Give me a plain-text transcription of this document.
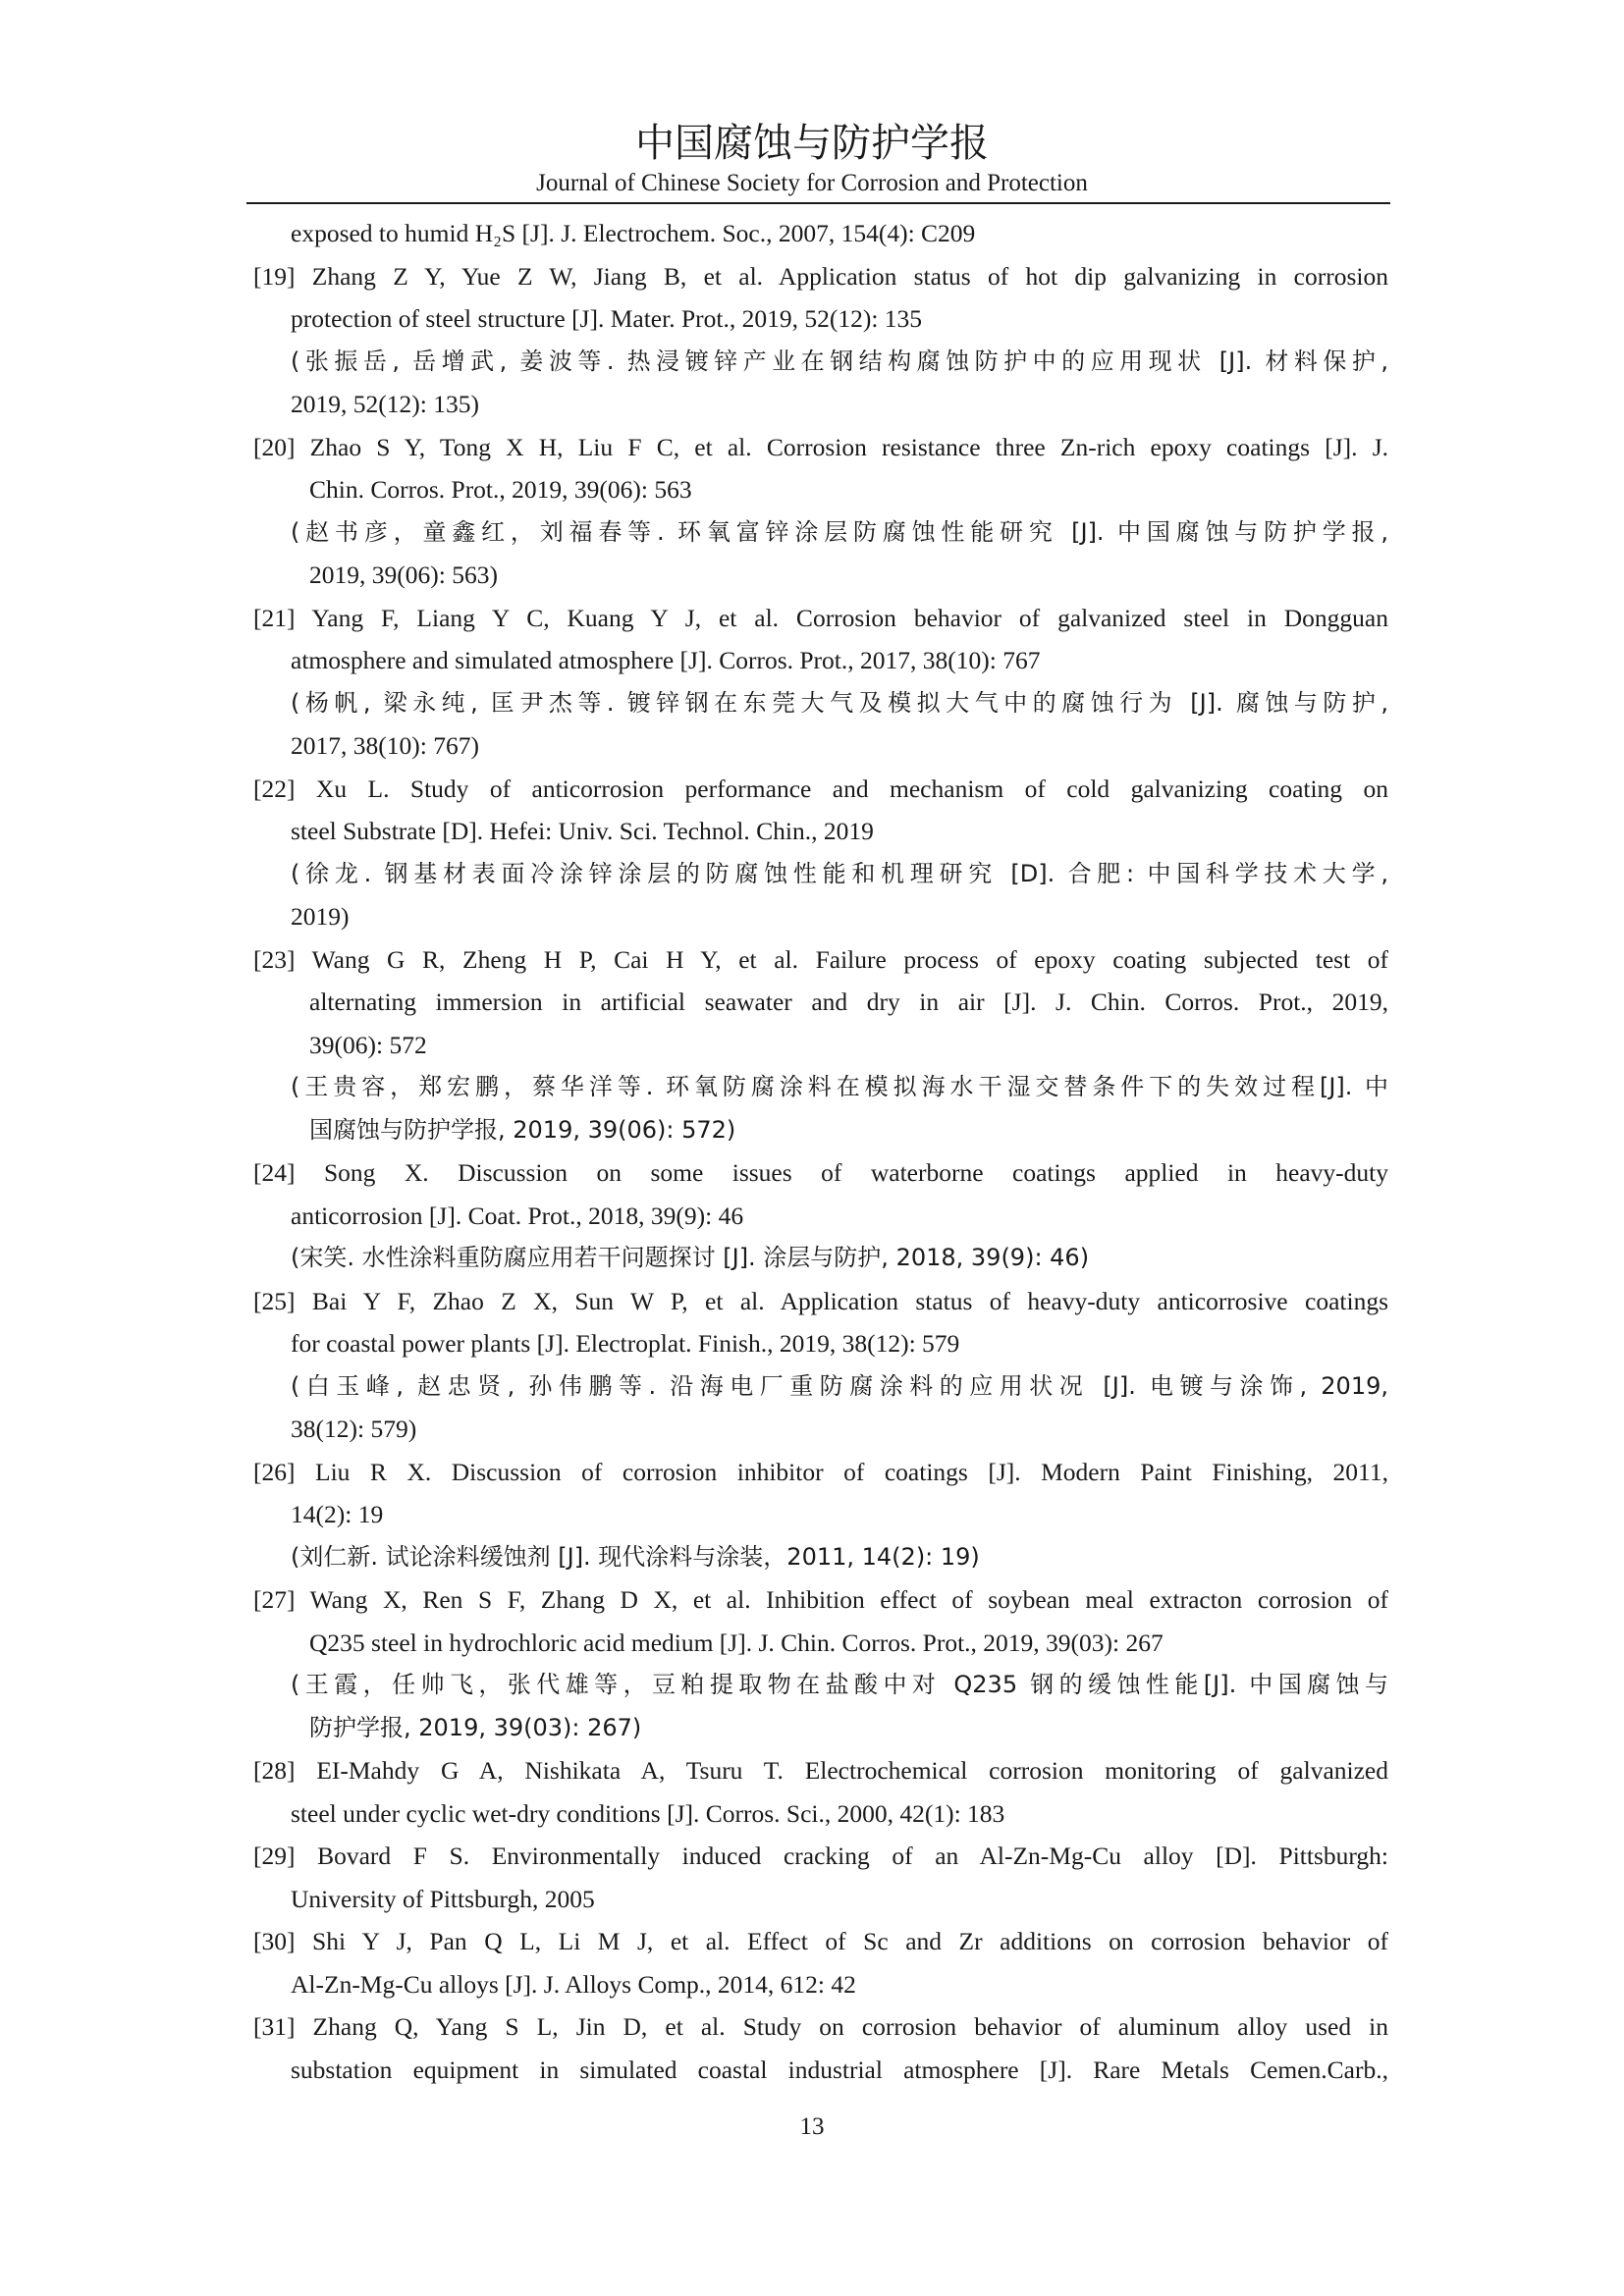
中国腐蚀与防护学报
Journal of Chinese Society for Corrosion and Protection
exposed to humid H₂S [J]. J. Electrochem. Soc., 2007, 154(4): C209
[19] Zhang Z Y, Yue Z W, Jiang B, et al. Application status of hot dip galvanizing in corrosion
protection of steel structure [J]. Mater. Prot., 2019, 52(12): 135
(张振岳, 岳增武, 姜波等. 热浸镀锌产业在钢结构腐蚀防护中的应用现状 [J]. 材料保护,
2019, 52(12): 135)
[20] Zhao S Y, Tong X H, Liu F C, et al. Corrosion resistance three Zn-rich epoxy coatings [J]. J.
Chin. Corros. Prot., 2019, 39(06): 563
(赵书彦，童鑫红，刘福春等. 环氧富锌涂层防腐蚀性能研究 [J]. 中国腐蚀与防护学报,
2019, 39(06): 563)
[21] Yang F, Liang Y C, Kuang Y J, et al. Corrosion behavior of galvanized steel in Dongguan
atmosphere and simulated atmosphere [J]. Corros. Prot., 2017, 38(10): 767
(杨帆, 梁永纯, 匡尹杰等. 镀锌钢在东莞大气及模拟大气中的腐蚀行为 [J]. 腐蚀与防护,
2017, 38(10): 767)
[22] Xu L. Study of anticorrosion performance and mechanism of cold galvanizing coating on
steel Substrate [D]. Hefei: Univ. Sci. Technol. Chin., 2019
(徐龙. 钢基材表面冷涂锌涂层的防腐蚀性能和机理研究 [D]. 合肥: 中国科学技术大学,
2019)
[23] Wang G R, Zheng H P, Cai H Y, et al. Failure process of epoxy coating subjected test of
alternating immersion in artificial seawater and dry in air [J]. J. Chin. Corros. Prot., 2019,
39(06): 572
(王贵容，郑宏鹏，蔡华洋等. 环氧防腐涂料在模拟海水干湿交替条件下的失效过程[J]. 中
国腐蚀与防护学报, 2019, 39(06): 572)
[24] Song X. Discussion on some issues of waterborne coatings applied in heavy-duty
anticorrosion [J]. Coat. Prot., 2018, 39(9): 46
(宋笑. 水性涂料重防腐应用若干问题探讨 [J]. 涂层与防护, 2018, 39(9): 46)
[25] Bai Y F, Zhao Z X, Sun W P, et al. Application status of heavy-duty anticorrosive coatings
for coastal power plants [J]. Electroplat. Finish., 2019, 38(12): 579
(白玉峰, 赵忠贤, 孙伟鹏等. 沿海电厂重防腐涂料的应用状况 [J]. 电镀与涂饰, 2019,
38(12): 579)
[26] Liu R X. Discussion of corrosion inhibitor of coatings [J]. Modern Paint Finishing, 2011,
14(2): 19
(刘仁新. 试论涂料缓蚀剂 [J]. 现代涂料与涂装，2011, 14(2): 19)
[27] Wang X, Ren S F, Zhang D X, et al. Inhibition effect of soybean meal extracton corrosion of
Q235 steel in hydrochloric acid medium [J]. J. Chin. Corros. Prot., 2019, 39(03): 267
(王霞，任帅飞，张代雄等，豆粕提取物在盐酸中对 Q235 钢的缓蚀性能[J]. 中国腐蚀与
防护学报, 2019, 39(03): 267)
[28] EI-Mahdy G A, Nishikata A, Tsuru T. Electrochemical corrosion monitoring of galvanized
steel under cyclic wet-dry conditions [J]. Corros. Sci., 2000, 42(1): 183
[29] Bovard F S. Environmentally induced cracking of an Al-Zn-Mg-Cu alloy [D]. Pittsburgh:
University of Pittsburgh, 2005
[30] Shi Y J, Pan Q L, Li M J, et al. Effect of Sc and Zr additions on corrosion behavior of
Al-Zn-Mg-Cu alloys [J]. J. Alloys Comp., 2014, 612: 42
[31] Zhang Q, Yang S L, Jin D, et al. Study on corrosion behavior of aluminum alloy used in
substation equipment in simulated coastal industrial atmosphere [J]. Rare Metals Cemen.Carb.,
13
